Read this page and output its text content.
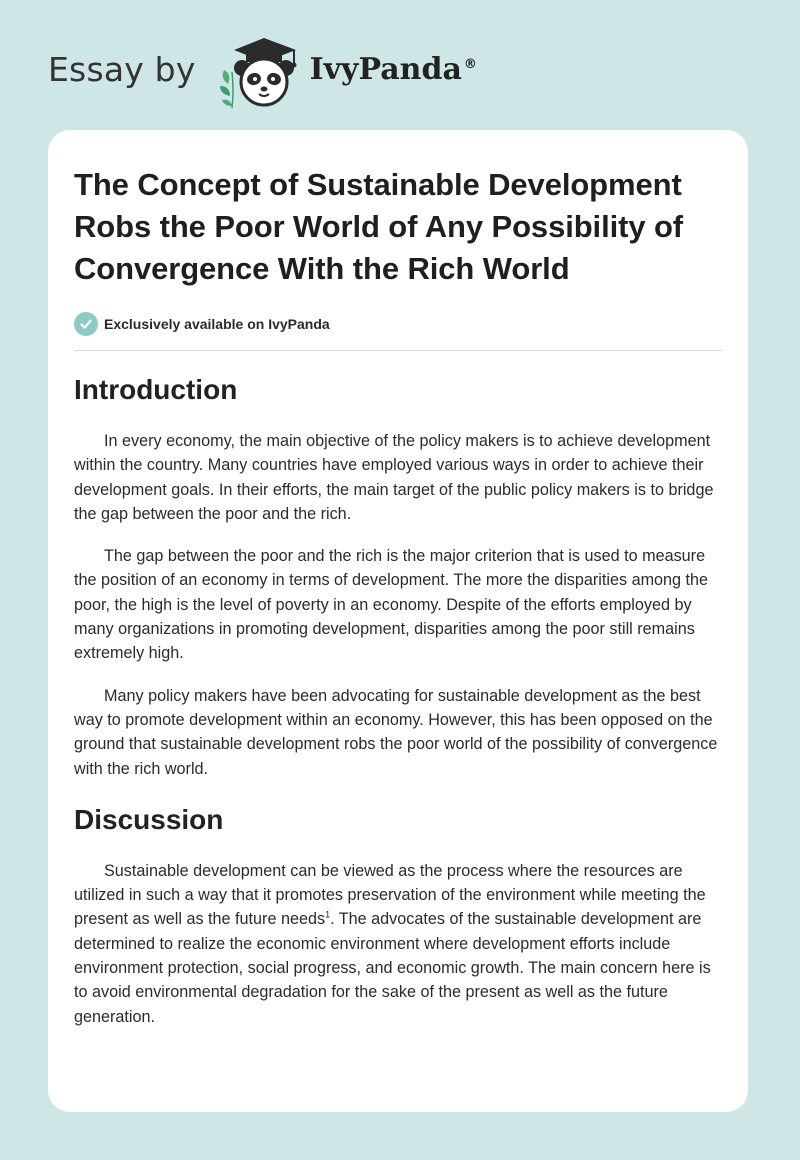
Essay by	IvyPanda ®
The Concept of Sustainable Development Robs the Poor World of Any Possibility of Convergence With the Rich World
Exclusively available on IvyPanda
Introduction

In every economy, the main objective of the policy makers is to achieve development within the country. Many countries have employed various ways in order to achieve their development goals. In their efforts, the main target of the public policy makers is to bridge the gap between the poor and the rich.

The gap between the poor and the rich is the major criterion that is used to measure the position of an economy in terms of development. The more the disparities among the poor, the high is the level of poverty in an economy. Despite of the efforts employed by many organizations in promoting development, disparities among the poor still remains extremely high.

Many policy makers have been advocating for sustainable development as the best way to promote development within an economy. However, this has been opposed on the ground that sustainable development robs the poor world of the possibility of convergence with the rich world.

Discussion

Sustainable development can be viewed as the process where the resources are utilized in such a way that it promotes preservation of the environment while meeting the present as well as the future needs$^1$. The advocates of the sustainable development are determined to realize the economic environment where development efforts include environment protection, social progress, and economic growth. The main concern here is to avoid environmental degradation for the sake of the present as well as the future generation.
